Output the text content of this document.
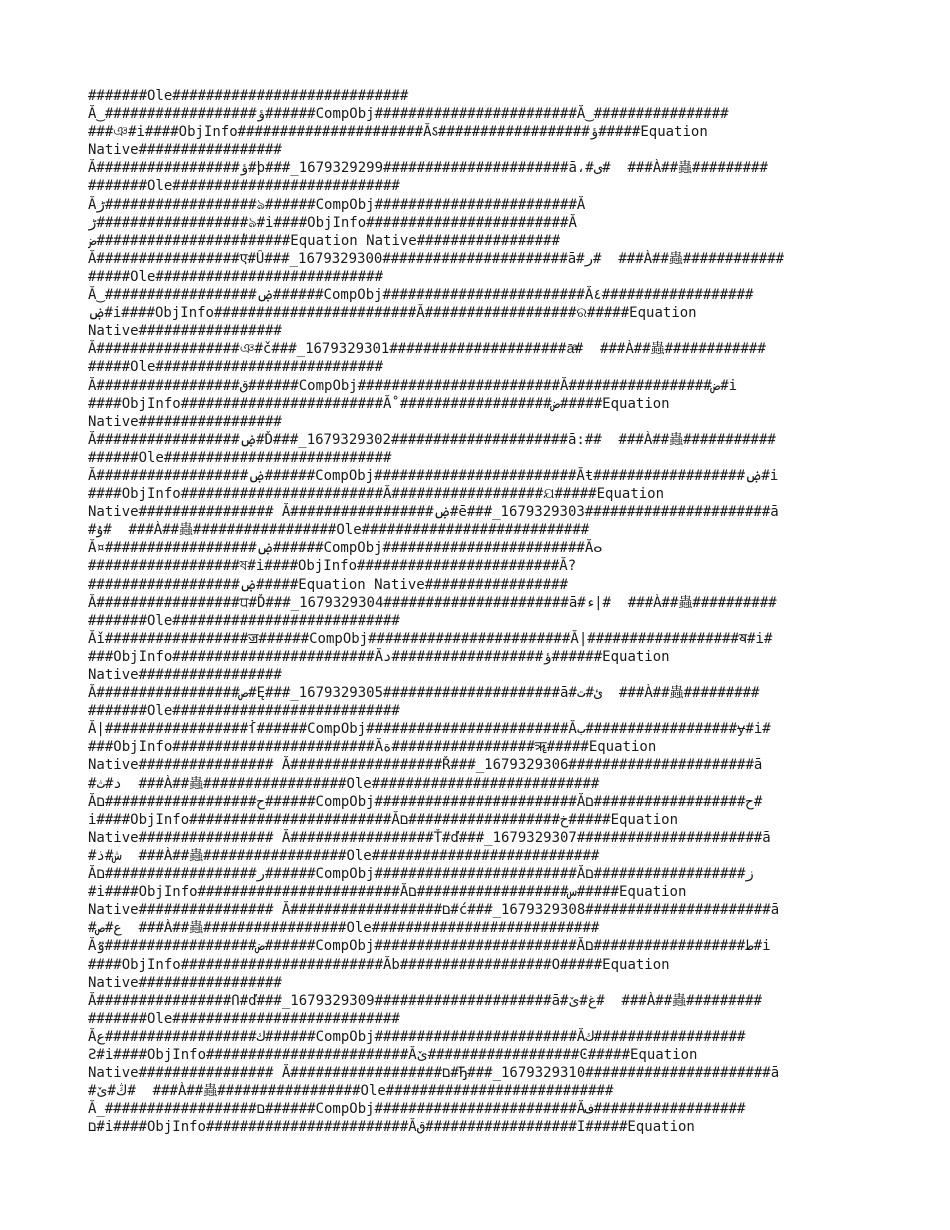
#######Ole############################
Ă‿##################ؤ######CompObj########################Ă‿################
###ঞ#i####ObjInfo######################Ăऽ##################ؤ#####Equation
Native#################
Ă#################ؤ#þ###_1679329299######################ā،#ى#  ###À##蟲#########
#######Ole###########################
Ăڑ##################ঌ######CompObj########################Ă
ڑ##################ঌ#i####ObjInfo########################Ă
ض##################ٔ#####Equation Native#################
Ă#################ए#Û###_1679329300######################ā#ر#  ###À##蟲############
#####Ole###########################
Ă‿##################ۻ######CompObj########################Ă٤##################
ۻ#i####ObjInfo########################Ă##################ର#####Equation
Native#################
Ă#################ঞ#č###_1679329301#####################āͣ#  ###À##蟲############
#####Ole###########################
Ă#################ق######CompObj########################Ă#################ض#i
####ObjInfo########################Ă˚##################ض#####Equation
Native#################
Ă#################ۻ#Ď###_1679329302#####################ā:##  ###À##蟲###########
######Ole###########################
Ă##################ۻ######CompObj########################Ăŧ##################ۻ#i
####ObjInfo########################Ă##################ଯ#####Equation
Native################ Ă#################ۻ#ē###_1679329303######################ā
#ۇ#  ###À##蟲#################Ole###########################
Ă¤##################ۻ######CompObj########################Ăⴰ
##################ষ#i####ObjInfo########################Ă?
##################ۻ#####Equation Native#################
Ă#################ਧ#Ď###_1679329304######################ā#ء|#  ###À##蟲##########
#######Ole###########################
Ăǐ#################ॼ######CompObj########################Ă|##################ॺ#i#
###ObjInfo########################Ăؤ##################د######Equation
Native#################
Ă#################ص#Ę###_1679329305#####################ā#ئ#ت  ###À##蟲#########
#######Ole###########################
Ă|#################ẛ######CompObj########################Ăب##################ɏ#i#
###ObjInfo########################Ăة#################ॠ#####Equation
Native################ Ă##################Ř###_1679329306######################ā
#د#ث  ###À##蟲#################Ole###########################
Ăح##################ם######CompObj########################Ăح##################ם#
i####ObjInfo########################Ăخ##################ם#####Equation
Native################ Ă#################Ť#ď###_1679329307######################ā
#ش#ذ  ###À##蟲#################Ole###########################
Ăر##################ם######CompObj########################Ăز##################ם
#i####ObjInfo########################Ăس##################ם#####Equation
Native################ Ă##################ם#ć###_1679329308######################ā
#ع#ص  ###À##蟲#################Ole###########################
Ăض##################ٷ######CompObj########################Ăط##################ם#i
####ObjInfo########################Ăb##################O#####Equation
Native#################
Ă################Ո#ď###_1679329309#####################ā#غ#ێ#  ###À##蟲#########
#######Ole###########################
Ăك##################ع######CompObj########################Ăك##################
Ƨ#i####ObjInfo########################Ăێ##################Ͼ#####Equation
Native################ Ă##################ם#Ђ###_1679329310######################ā
#ڭ#ێ#  ###À##蟲#################Ole###########################
Ă_##################ם######CompObj########################Ăف##################
ם#i####ObjInfo########################Ăق##################I#####Equation
